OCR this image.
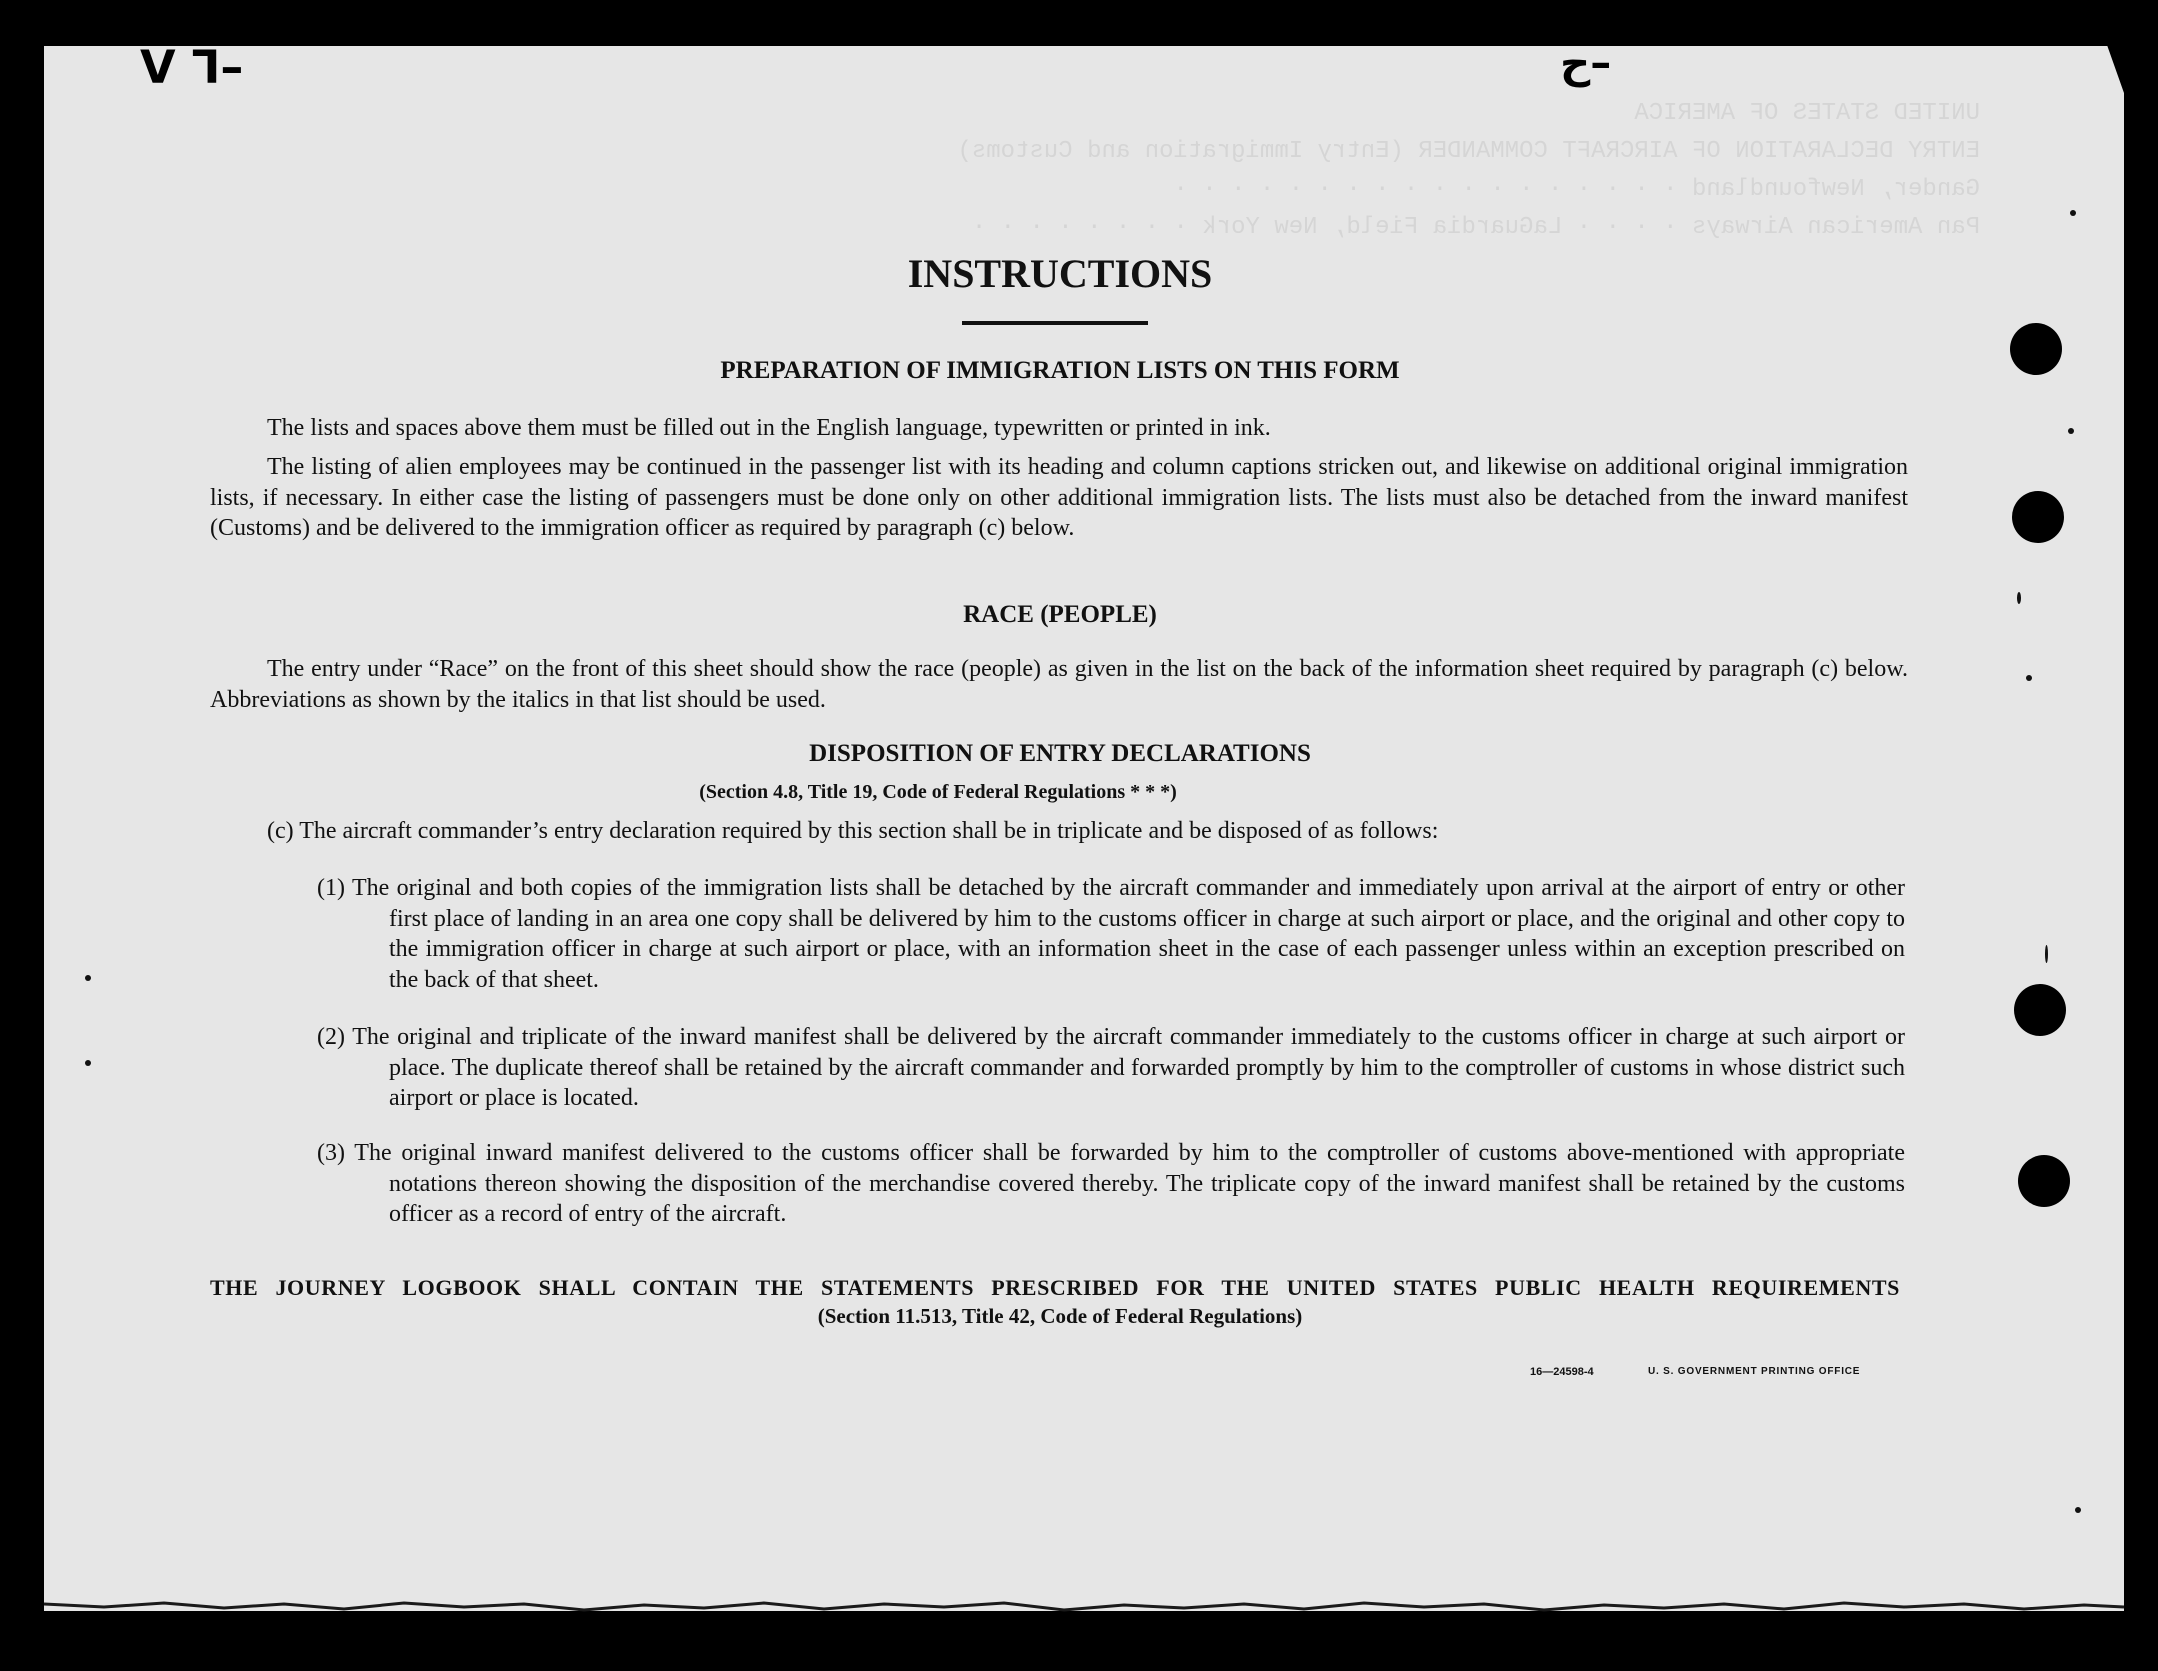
UNITED STATES OF AMERICA
ENTRY DECLARATION OF AIRCRAFT COMMANDER (Entry Immigration and Customs)
Gander, Newfoundland · · · · · · · · · · · · · · · · · ·
Pan American Airways · · · · LaGuardia Field, New York · · · · · · · ·
ᐯ ᒣ–	ح–
INSTRUCTIONS
PREPARATION OF IMMIGRATION LISTS ON THIS FORM

The lists and spaces above them must be filled out in the English language, typewritten or printed in ink.

The listing of alien employees may be continued in the passenger list with its heading and column captions stricken out, and likewise on additional original immigration lists, if necessary. In either case the listing of passengers must be done only on other additional immigration lists. The lists must also be detached from the inward manifest (Customs) and be delivered to the immigration officer as required by paragraph (c) below.

RACE (PEOPLE)

The entry under “Race” on the front of this sheet should show the race (people) as given in the list on the back of the information sheet required by paragraph (c) below. Abbreviations as shown by the italics in that list should be used.

DISPOSITION OF ENTRY DECLARATIONS
(Section 4.8, Title 19, Code of Federal Regulations * * *)

(c) The aircraft commander’s entry declaration required by this section shall be in triplicate and be disposed of as follows:

(1) The original and both copies of the immigration lists shall be detached by the aircraft commander and immediately upon arrival at the airport of entry or other first place of landing in an area one copy shall be delivered by him to the customs officer in charge at such airport or place, and the original and other copy to the immigration officer in charge at such airport or place, with an information sheet in the case of each passenger unless within an exception prescribed on the back of that sheet.

(2) The original and triplicate of the inward manifest shall be delivered by the aircraft commander immediately to the customs officer in charge at such airport or place. The duplicate thereof shall be retained by the aircraft commander and forwarded promptly by him to the comptroller of customs in whose district such airport or place is located.

(3) The original inward manifest delivered to the customs officer shall be forwarded by him to the comptroller of customs above-mentioned with appropriate notations thereon showing the disposition of the merchandise covered thereby. The triplicate copy of the inward manifest shall be retained by the customs officer as a record of entry of the aircraft.

THE JOURNEY LOGBOOK SHALL CONTAIN THE STATEMENTS PRESCRIBED FOR THE UNITED STATES PUBLIC HEALTH REQUIREMENTS
(Section 11.513, Title 42, Code of Federal Regulations)
16—24598-4	U. S. GOVERNMENT PRINTING OFFICE
